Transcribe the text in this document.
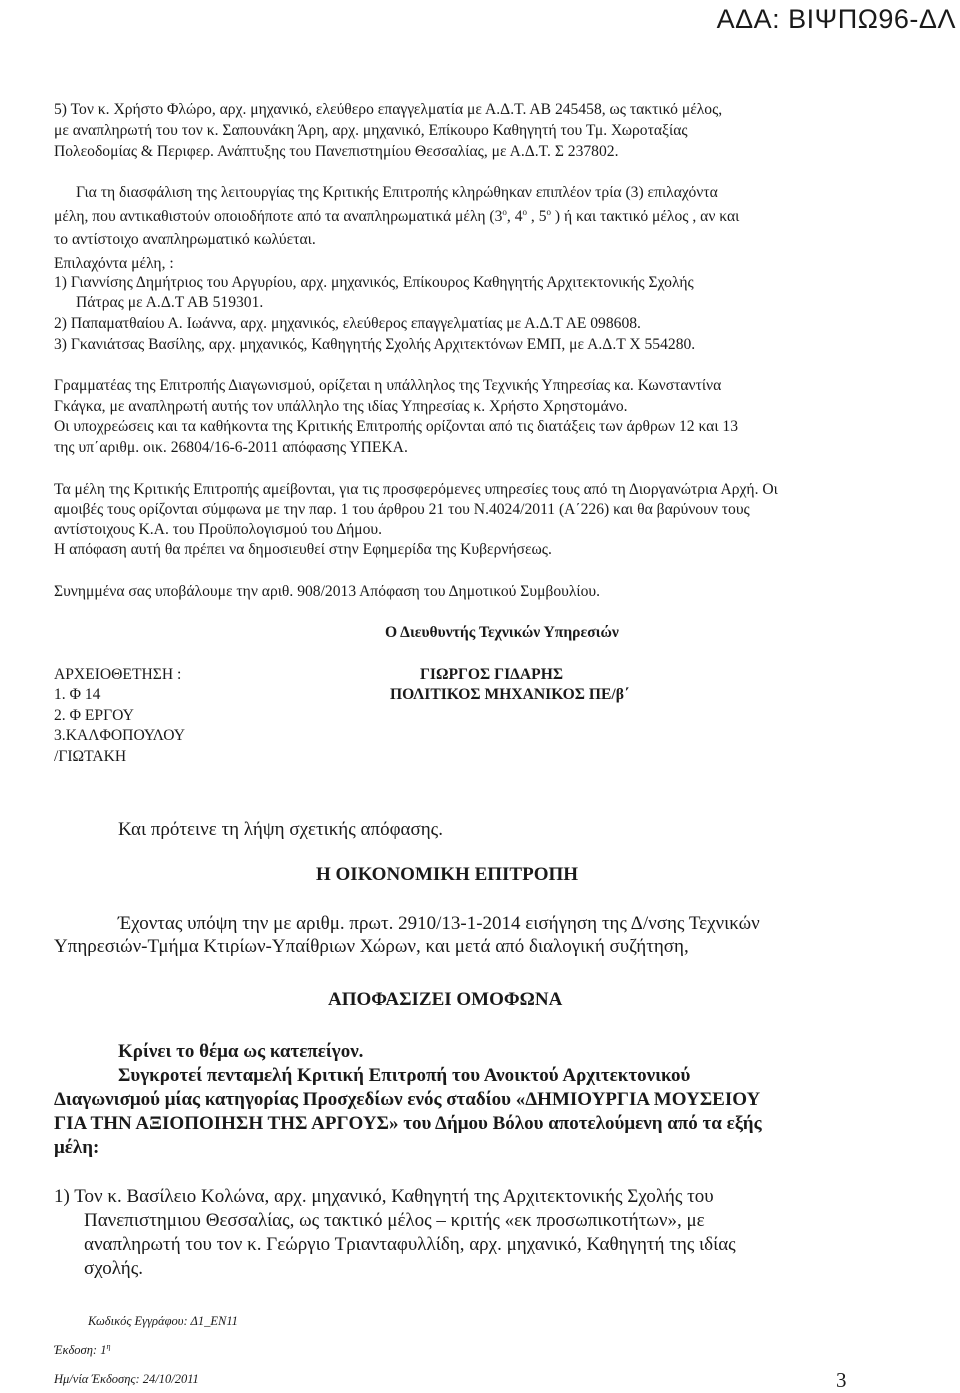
ΑΔΑ: ΒΙΨΠΩ96-ΔΛ
5) Τον κ. Χρήστο Φλώρο, αρχ. μηχανικό, ελεύθερο επαγγελματία με Α.Δ.Τ. ΑΒ 245458, ως τακτικό μέλος,
με αναπληρωτή του τον κ. Σαπουνάκη Άρη, αρχ. μηχανικό, Επίκουρο Καθηγητή του Τμ. Χωροταξίας
Πολεοδομίας & Περιφερ. Ανάπτυξης του Πανεπιστημίου Θεσσαλίας, με Α.Δ.Τ. Σ 237802.
Για τη διασφάλιση της λειτουργίας της Κριτικής Επιτροπής κληρώθηκαν επιπλέον τρία (3) επιλαχόντα
μέλη, που αντικαθιστούν οποιοδήποτε από τα αναπληρωματικά μέλη ($3^o$, $4^o$ , $5^o$ ) ή και τακτικό μέλος , αν και
το αντίστοιχο αναπληρωματικό κωλύεται.
Επιλαχόντα μέλη, :
1) Γιαννίσης Δημήτριος του Αργυρίου, αρχ. μηχανικός, Επίκουρος Καθηγητής Αρχιτεκτονικής Σχολής
Πάτρας με Α.Δ.Τ ΑΒ 519301.
2) Παπαματθαίου Α. Ιωάννα, αρχ. μηχανικός, ελεύθερος επαγγελματίας με Α.Δ.Τ ΑΕ 098608.
3) Γκανιάτσας Βασίλης, αρχ. μηχανικός, Καθηγητής Σχολής Αρχιτεκτόνων ΕΜΠ, με Α.Δ.Τ Χ 554280.
Γραμματέας της Επιτροπής Διαγωνισμού, ορίζεται η υπάλληλος της Τεχνικής Υπηρεσίας κα. Κωνσταντίνα
Γκάγκα, με αναπληρωτή αυτής τον υπάλληλο της ιδίας Υπηρεσίας κ. Χρήστο Χρηστομάνο.
Οι υποχρεώσεις και τα καθήκοντα της Κριτικής Επιτροπής ορίζονται από τις διατάξεις των άρθρων 12 και 13
της υπ΄αριθμ. οικ. 26804/16-6-2011 απόφασης ΥΠΕΚΑ.
Τα μέλη της Κριτικής Επιτροπής αμείβονται, για τις προσφερόμενες υπηρεσίες τους από τη Διοργανώτρια Αρχή. Οι
αμοιβές τους ορίζονται σύμφωνα με την παρ. 1 του άρθρου 21 του Ν.4024/2011 (Α΄226) και θα βαρύνουν τους
αντίστοιχους Κ.Α. του Προϋπολογισμού του Δήμου.
Η απόφαση αυτή θα πρέπει να δημοσιευθεί στην Εφημερίδα της Κυβερνήσεως.
Συνημμένα σας υποβάλουμε την αριθ. 908/2013 Απόφαση του Δημοτικού Συμβουλίου.
Ο Διευθυντής Τεχνικών Υπηρεσιών
ΑΡΧΕΙΟΘΕΤΗΣΗ :
1. Φ 14
2. Φ ΕΡΓΟΥ
3.ΚΑΛΦΟΠΟΥΛΟΥ
/ΓΙΩΤΑΚΗ
ΓΙΩΡΓΟΣ ΓΙΔΑΡΗΣ
ΠΟΛΙΤΙΚΟΣ ΜΗΧΑΝΙΚΟΣ ΠΕ/β΄
Και πρότεινε τη λήψη σχετικής απόφασης.
Η ΟΙΚΟΝΟΜΙΚΗ ΕΠΙΤΡΟΠΗ
Έχοντας υπόψη την με αριθμ. πρωτ. 2910/13-1-2014 εισήγηση της Δ/νσης Τεχνικών
Υπηρεσιών-Τμήμα Κτιρίων-Υπαίθριων Χώρων, και μετά από διαλογική συζήτηση,
ΑΠΟΦΑΣΙΖΕΙ ΟΜΟΦΩΝΑ
Κρίνει το θέμα ως κατεπείγον.
Συγκροτεί πενταμελή Κριτική Επιτροπή του Ανοικτού Αρχιτεκτονικού
Διαγωνισμού μίας κατηγορίας Προσχεδίων ενός σταδίου «ΔΗΜΙΟΥΡΓΙΑ ΜΟΥΣΕΙΟΥ
ΓΙΑ ΤΗΝ ΑΞΙΟΠΟΙΗΣΗ ΤΗΣ ΑΡΓΟΥΣ» του Δήμου Βόλου αποτελούμενη από τα εξής
μέλη:
1) Τον κ. Βασίλειο Κολώνα, αρχ. μηχανικό, Καθηγητή της Αρχιτεκτονικής Σχολής του
Πανεπιστημιου Θεσσαλίας, ως τακτικό μέλος – κριτής «εκ προσωπικοτήτων», με
αναπληρωτή του τον κ. Γεώργιο Τριανταφυλλίδη, αρχ. μηχανικό, Καθηγητή της ιδίας
σχολής.
Κωδικός Εγγράφου: Δ1_ΕΝ11
Έκδοση: $1^\eta$
Ημ/νία Έκδοσης: 24/10/2011	3
